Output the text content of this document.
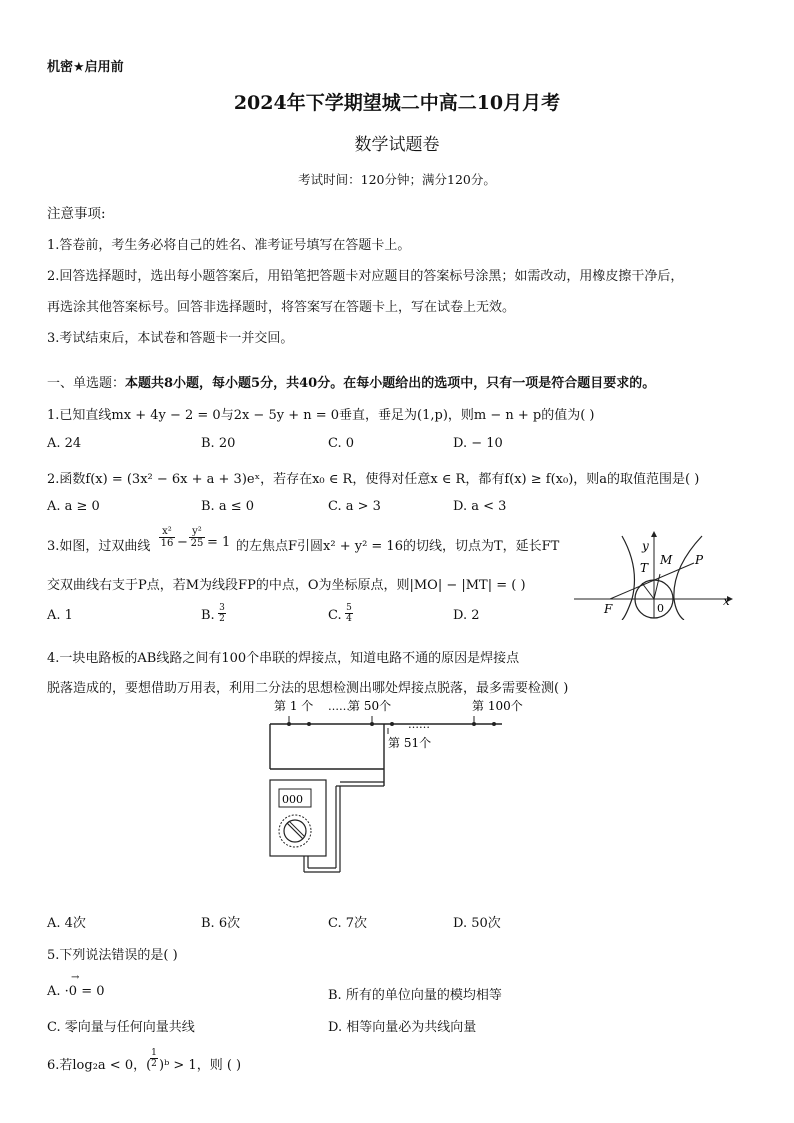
机密★启用前
2024年下学期望城二中高二10月月考
数学试题卷
考试时间：120分钟；满分120分。
注意事项:
1.答卷前，考生务必将自己的姓名、准考证号填写在答题卡上。
2.回答选择题时，选出每小题答案后，用铅笔把答题卡对应题目的答案标号涂黑；如需改动，用橡皮擦干净后，
再选涂其他答案标号。回答非选择题时，将答案写在答题卡上，写在试卷上无效。
3.考试结束后，本试卷和答题卡一并交回。
一、单选题：本题共8小题，每小题5分，共40分。在每小题给出的选项中，只有一项是符合题目要求的。
1.已知直线mx + 4y − 2 = 0与2x − 5y + n = 0垂直，垂足为(1,p)，则m − n + p的值为( )
A. 24	B. 20	C. 0	D. − 10
2.函数f(x) = (3x² − 6x + a + 3)eˣ，若存在x₀ ∈ R，使得对任意x ∈ R，都有f(x) ≥ f(x₀)，则a的取值范围是( )
A. a ≥ 0	B. a ≤ 0	C. a > 3	D. a < 3
3.如图，过双曲线 $\frac{\text{x²}}{16} - \frac{\text{y²}}{25} = 1$ 的左焦点F引圆x² + y² = 16的切线，切点为T，延长FT
交双曲线右支于P点，若M为线段FP的中点，O为坐标原点，则|MO| − |MT| = ( )
A. 1	B. $\frac{3}{2}$	C. $\frac{5}{4}$	D. 2
y
x
T
M P
F	0
4.一块电路板的AB线路之间有100个串联的焊接点，知道电路不通的原因是焊接点
脱落造成的，要想借助万用表，利用二分法的思想检测出哪处焊接点脱落，最多需要检测( )
第 1 个 ……
第 50个
……
第 100个
第 51个
000
A. 4次	B. 6次	C. 7次	D. 50次
5.下列说法错误的是( )
→
A. ·0 = 0	B. 所有的单位向量的模均相等
C. 零向量与任何向量共线	D. 相等向量必为共线向量
6.若log₂a < 0，(
$\frac{1}{2}$ )ᵇ > 1，则 ( )
